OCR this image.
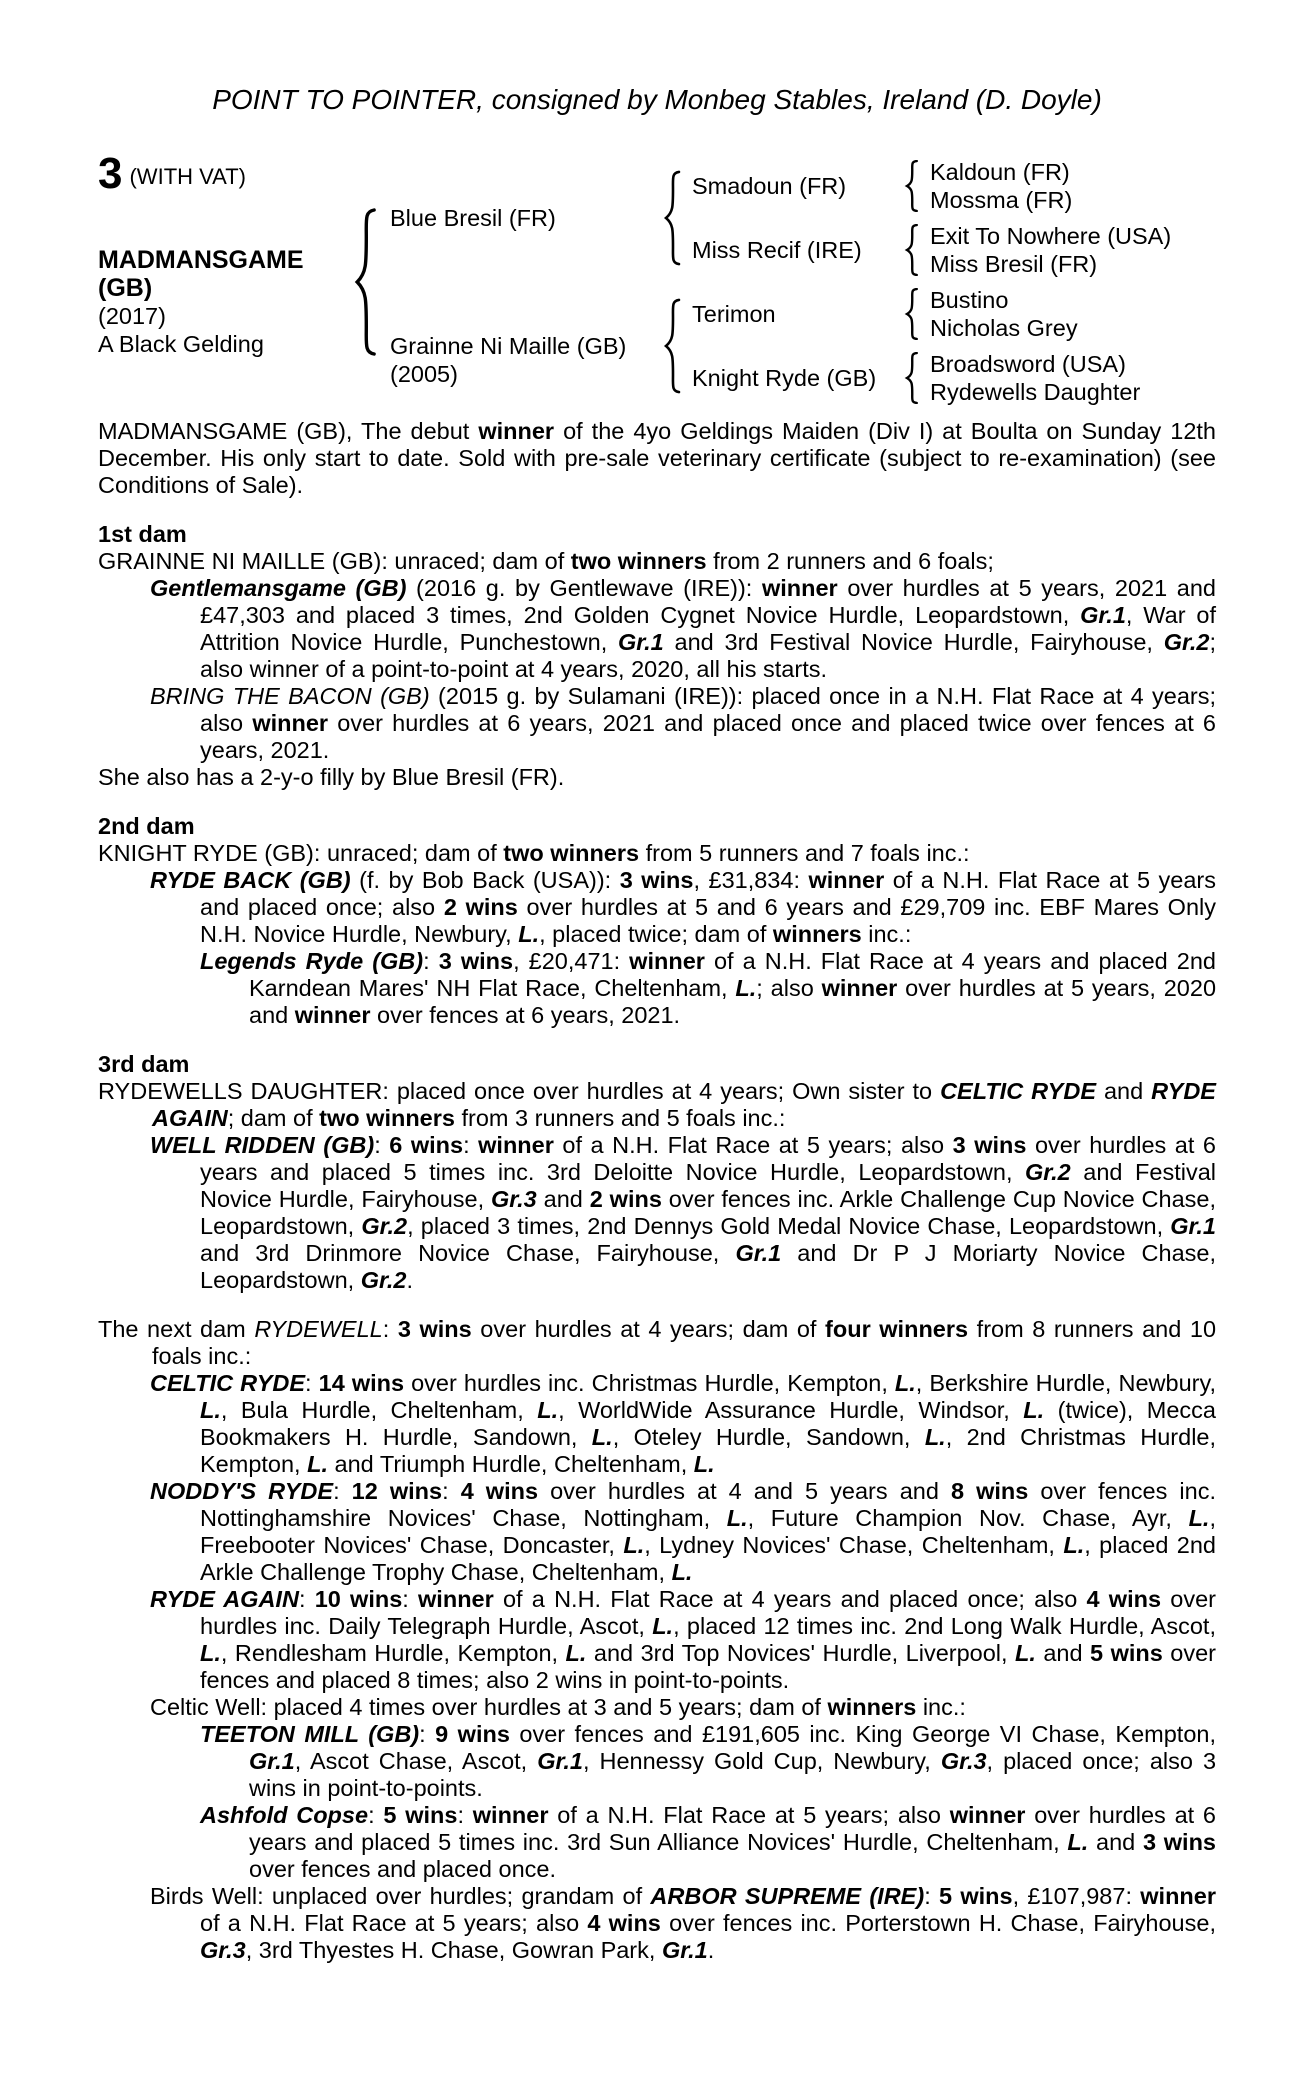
POINT TO POINTER, consigned by Monbeg Stables, Ireland (D. Doyle)
3 (WITH VAT)
MADMANSGAME (GB)
(2017)
A Black Gelding
Blue Bresil (FR)
Grainne Ni Maille (GB)
(2005)
Smadoun (FR)
Miss Recif (IRE)
Terimon
Knight Ryde (GB)
Kaldoun (FR)
Mossma (FR)
Exit To Nowhere (USA)
Miss Bresil (FR)
Bustino
Nicholas Grey
Broadsword (USA)
Rydewells Daughter
MADMANSGAME (GB), The debut winner of the 4yo Geldings Maiden (Div I) at Boulta on Sunday 12th December. His only start to date. Sold with pre-sale veterinary certificate (subject to re-examination) (see Conditions of Sale).
1st dam
GRAINNE NI MAILLE (GB): unraced; dam of two winners from 2 runners and 6 foals;
Gentlemansgame (GB) (2016 g. by Gentlewave (IRE)): winner over hurdles at 5 years, 2021 and £47,303 and placed 3 times, 2nd Golden Cygnet Novice Hurdle, Leopardstown, Gr.1, War of Attrition Novice Hurdle, Punchestown, Gr.1 and 3rd Festival Novice Hurdle, Fairyhouse, Gr.2; also winner of a point-to-point at 4 years, 2020, all his starts.
BRING THE BACON (GB) (2015 g. by Sulamani (IRE)): placed once in a N.H. Flat Race at 4 years; also winner over hurdles at 6 years, 2021 and placed once and placed twice over fences at 6 years, 2021.
She also has a 2-y-o filly by Blue Bresil (FR).
2nd dam
KNIGHT RYDE (GB): unraced; dam of two winners from 5 runners and 7 foals inc.:
RYDE BACK (GB) (f. by Bob Back (USA)): 3 wins, £31,834: winner of a N.H. Flat Race at 5 years and placed once; also 2 wins over hurdles at 5 and 6 years and £29,709 inc. EBF Mares Only N.H. Novice Hurdle, Newbury, L., placed twice; dam of winners inc.:
Legends Ryde (GB): 3 wins, £20,471: winner of a N.H. Flat Race at 4 years and placed 2nd Karndean Mares' NH Flat Race, Cheltenham, L.; also winner over hurdles at 5 years, 2020 and winner over fences at 6 years, 2021.
3rd dam
RYDEWELLS DAUGHTER: placed once over hurdles at 4 years; Own sister to CELTIC RYDE and RYDE AGAIN; dam of two winners from 3 runners and 5 foals inc.:
WELL RIDDEN (GB): 6 wins: winner of a N.H. Flat Race at 5 years; also 3 wins over hurdles at 6 years and placed 5 times inc. 3rd Deloitte Novice Hurdle, Leopardstown, Gr.2 and Festival Novice Hurdle, Fairyhouse, Gr.3 and 2 wins over fences inc. Arkle Challenge Cup Novice Chase, Leopardstown, Gr.2, placed 3 times, 2nd Dennys Gold Medal Novice Chase, Leopardstown, Gr.1 and 3rd Drinmore Novice Chase, Fairyhouse, Gr.1 and Dr P J Moriarty Novice Chase, Leopardstown, Gr.2.
The next dam RYDEWELL: 3 wins over hurdles at 4 years; dam of four winners from 8 runners and 10 foals inc.:
CELTIC RYDE: 14 wins over hurdles inc. Christmas Hurdle, Kempton, L., Berkshire Hurdle, Newbury, L., Bula Hurdle, Cheltenham, L., WorldWide Assurance Hurdle, Windsor, L. (twice), Mecca Bookmakers H. Hurdle, Sandown, L., Oteley Hurdle, Sandown, L., 2nd Christmas Hurdle, Kempton, L. and Triumph Hurdle, Cheltenham, L.
NODDY'S RYDE: 12 wins: 4 wins over hurdles at 4 and 5 years and 8 wins over fences inc. Nottinghamshire Novices' Chase, Nottingham, L., Future Champion Nov. Chase, Ayr, L., Freebooter Novices' Chase, Doncaster, L., Lydney Novices' Chase, Cheltenham, L., placed 2nd Arkle Challenge Trophy Chase, Cheltenham, L.
RYDE AGAIN: 10 wins: winner of a N.H. Flat Race at 4 years and placed once; also 4 wins over hurdles inc. Daily Telegraph Hurdle, Ascot, L., placed 12 times inc. 2nd Long Walk Hurdle, Ascot, L., Rendlesham Hurdle, Kempton, L. and 3rd Top Novices' Hurdle, Liverpool, L. and 5 wins over fences and placed 8 times; also 2 wins in point-to-points.
Celtic Well: placed 4 times over hurdles at 3 and 5 years; dam of winners inc.:
TEETON MILL (GB): 9 wins over fences and £191,605 inc. King George VI Chase, Kempton, Gr.1, Ascot Chase, Ascot, Gr.1, Hennessy Gold Cup, Newbury, Gr.3, placed once; also 3 wins in point-to-points.
Ashfold Copse: 5 wins: winner of a N.H. Flat Race at 5 years; also winner over hurdles at 6 years and placed 5 times inc. 3rd Sun Alliance Novices' Hurdle, Cheltenham, L. and 3 wins over fences and placed once.
Birds Well: unplaced over hurdles; grandam of ARBOR SUPREME (IRE): 5 wins, £107,987: winner of a N.H. Flat Race at 5 years; also 4 wins over fences inc. Porterstown H. Chase, Fairyhouse, Gr.3, 3rd Thyestes H. Chase, Gowran Park, Gr.1.
